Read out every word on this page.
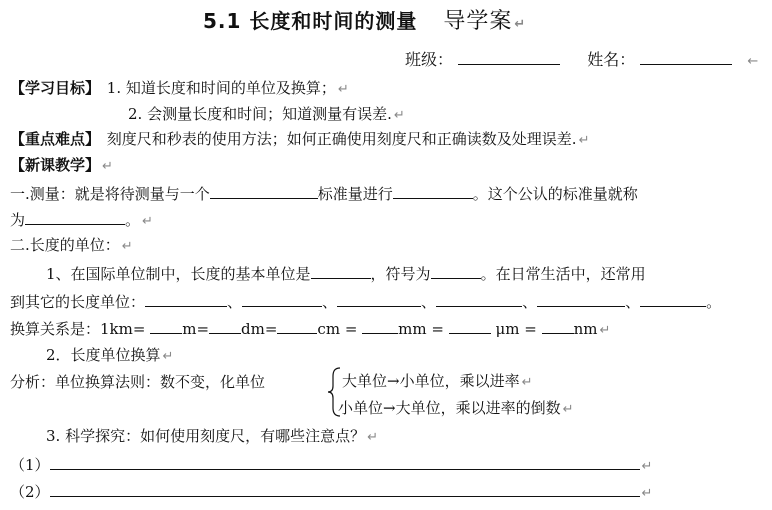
5.1 长度和时间的测量 导学案 ↵
班级：	姓名：	←
【学习目标】 1. 知道长度和时间的单位及换算； ↵
2. 会测量长度和时间；知道测量有误差. ↵
【重点难点】 刻度尺和秒表的使用方法；如何正确使用刻度尺和正确读数及处理误差. ↵
【新课教学】 ↵
一.测量：就是将待测量与一个	标准量进行	。这个公认的标准量就称
为	。 ↵
二.长度的单位： ↵
1、在国际单位制中，长度的基本单位是	，符号为	。在日常生活中，还常用
到其它的长度单位：	、	、	、	、	、	。
换算关系是：1km= m= dm=	cm =	mm =	μm = nm ↵
2．长度单位换算 ↵
分析：单位换算法则：数不变，化单位	大单位→小单位，乘以进率 ↵
小单位→大单位，乘以进率的倒数 ↵
3. 科学探究：如何使用刻度尺，有哪些注意点？ ↵
（1）	↵
（2）	↵
